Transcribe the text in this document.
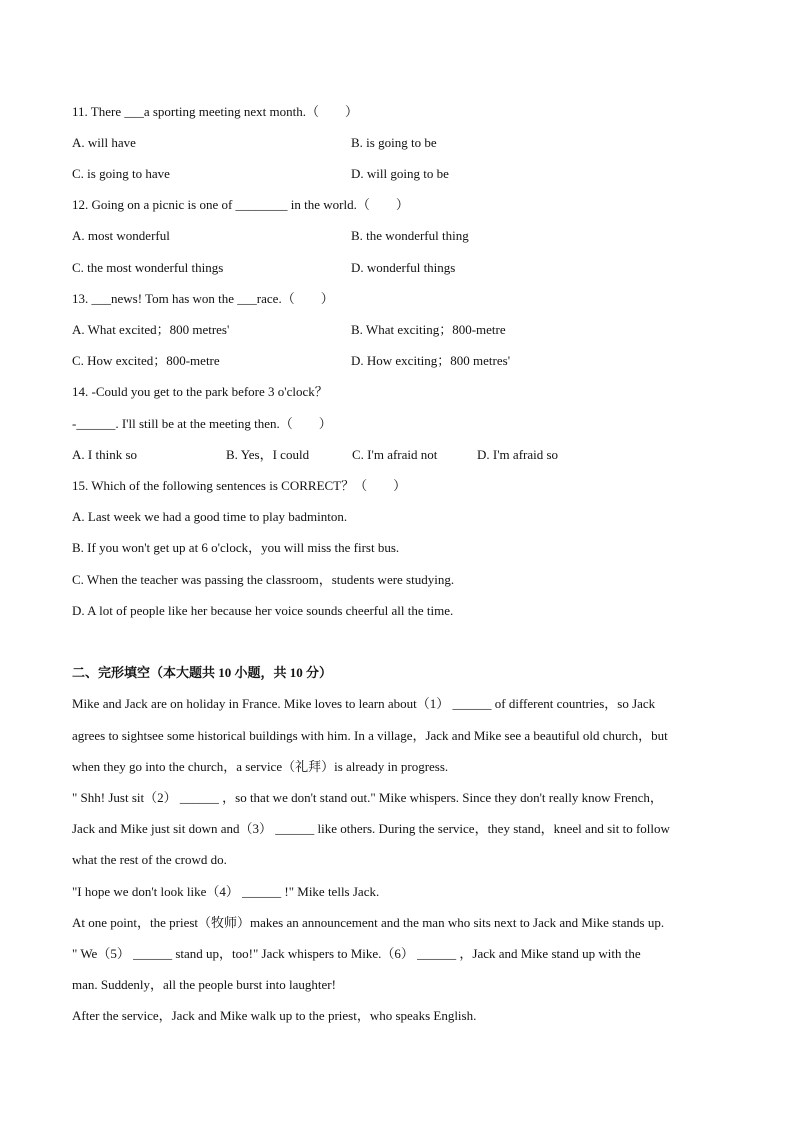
11. There ___a sporting meeting next month.（　　）
A. will have	B. is going to be
C. is going to have	D. will going to be
12. Going on a picnic is one of ________ in the world.（　　）
A. most wonderful	B. the wonderful thing
C. the most wonderful things	D. wonderful things
13. ___news! Tom has won the ___race.（　　）
A. What excited；800 metres'	B. What exciting；800-metre
C. How excited；800-metre	D. How exciting；800 metres'
14. -Could you get to the park before 3 o'clock？
-______. I'll still be at the meeting then.（　　）
A. I think so	B. Yes，I could	C. I'm afraid not	D. I'm afraid so
15. Which of the following sentences is CORRECT？（　　）
A. Last week we had a good time to play badminton.
B. If you won't get up at 6 o'clock，you will miss the first bus.
C. When the teacher was passing the classroom，students were studying.
D. A lot of people like her because her voice sounds cheerful all the time.
二、完形填空（本大题共 10 小题，共 10 分）
Mike and Jack are on holiday in France. Mike loves to learn about（1） ______ of different countries，so Jack
agrees to sightsee some historical buildings with him. In a village，Jack and Mike see a beautiful old church，but
when they go into the church，a service（礼拜）is already in progress.
" Shh! Just sit（2） ______ ，so that we don't stand out." Mike whispers. Since they don't really know French，
Jack and Mike just sit down and（3） ______ like others. During the service，they stand，kneel and sit to follow
what the rest of the crowd do.
"I hope we don't look like（4） ______ !" Mike tells Jack.
At one point，the priest（牧师）makes an announcement and the man who sits next to Jack and Mike stands up.
" We（5） ______ stand up，too!" Jack whispers to Mike.（6） ______ ，Jack and Mike stand up with the
man. Suddenly，all the people burst into laughter!
After the service，Jack and Mike walk up to the priest，who speaks English.
